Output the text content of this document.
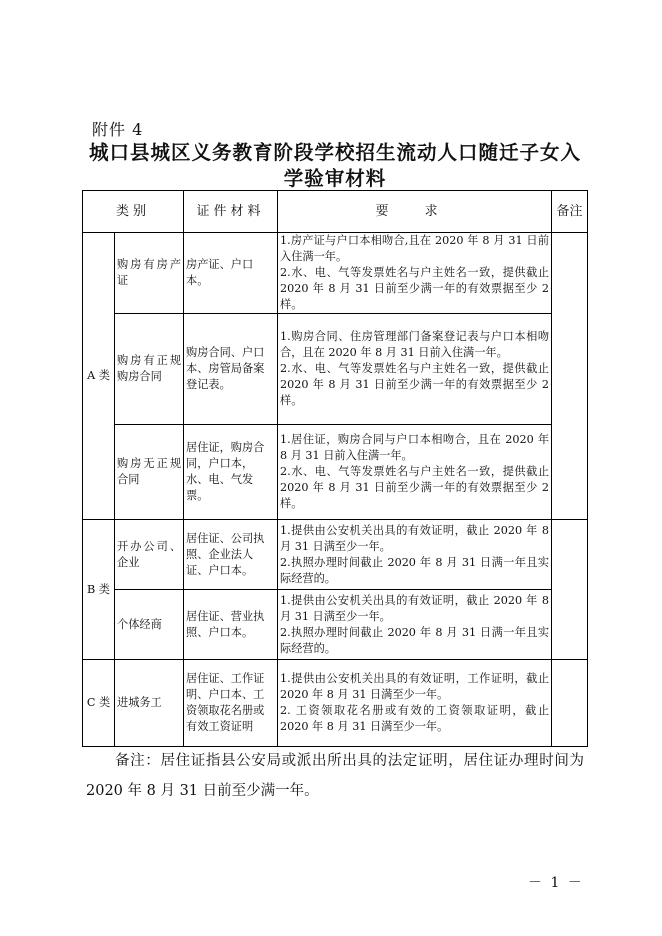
附件 4
城口县城区义务教育阶段学校招生流动人口随迁子女入
学验审材料
类别		证件材料	要 求	备注
A 类	购房有房产证	房产证、户口本。	1.房产证与户口本相吻合,且在 2020 年 8 月 31 日前入住满一年。
2.水、电、气等发票姓名与户主姓名一致，提供截止 2020 年 8 月 31 日前至少满一年的有效票据至少 2 样。	

	购房有正规购房合同	购房合同、户口本、房管局备案登记表。	1.购房合同、住房管理部门备案登记表与户口本相吻合，且在 2020 年 8 月 31 日前入住满一年。
2.水、电、气等发票姓名与户主姓名一致，提供截止 2020 年 8 月 31 日前至少满一年的有效票据至少 2 样。	

	购房无正规合同	居住证，购房合同，户口本，水、电、气发票。	1.居住证，购房合同与户口本相吻合，且在 2020 年 8 月 31 日前入住满一年。
2.水、电、气等发票姓名与户主姓名一致，提供截止 2020 年 8 月 31 日前至少满一年的有效票据至少 2 样。	

B 类	开办公司、企业	居住证、公司执照、企业法人证、户口本。	1.提供由公安机关出具的有效证明，截止 2020 年 8 月 31 日满至少一年。
2.执照办理时间截止 2020 年 8 月 31 日满一年且实际经营的。	

	个体经商	居住证、营业执照、户口本。	1.提供由公安机关出具的有效证明，截止 2020 年 8 月 31 日满至少一年。
2.执照办理时间截止 2020 年 8 月 31 日满一年且实际经营的。	

C 类	进城务工	居住证、工作证明、户口本、工资领取花名册或有效工资证明	1.提供由公安机关出具的有效证明，工作证明，截止 2020 年 8 月 31 日满至少一年。
2. 工资领取花名册或有效的工资领取证明，截止 2020 年 8 月 31 日满至少一年。	

备注：居住证指县公安局或派出所出具的法定证明，居住证办理时间为 2020 年 8 月 31 日前至少满一年。
－ 1 －
